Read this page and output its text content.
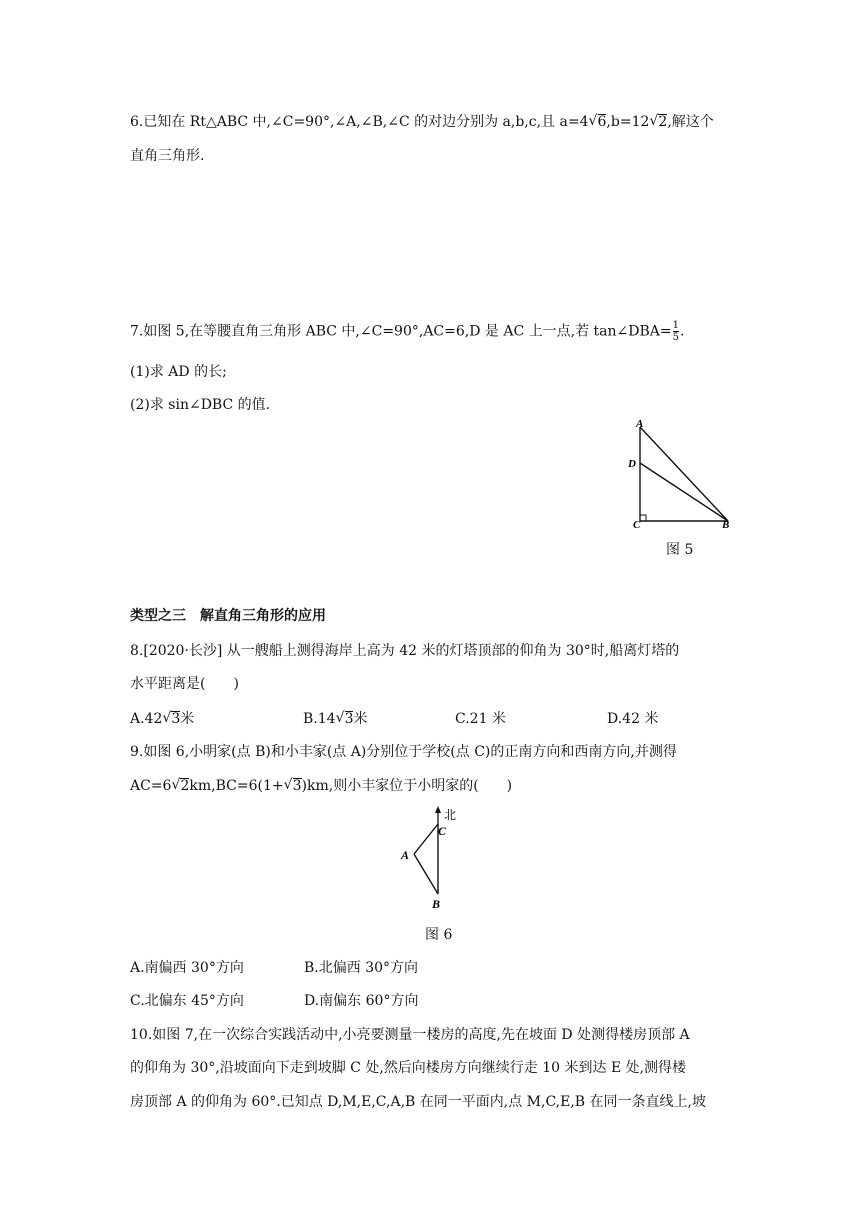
6.已知在 Rt△ABC 中,∠C=90°,∠A,∠B,∠C 的对边分别为 a,b,c,且 a=4 √ 6,b=12 √ 2,解这个
直角三角形.
7.如图 5,在等腰直角三角形 ABC 中,∠C=90°,AC=6,D 是 AC 上一点,若 tan∠DBA= $\frac{1}{5}$ .
(1)求 AD 的长;
(2)求 sin∠DBC 的值.
A
D
C	B
图 5
类型之三　解直角三角形的应用
8.[2020·长沙] 从一艘船上测得海岸上高为 42 米的灯塔顶部的仰角为 30°时,船离灯塔的
水平距离是(　　)
A.42 √ 3米	B.14 √ 3米	C.21 米	D.42 米
9.如图 6,小明家(点 B)和小丰家(点 A)分别位于学校(点 C)的正南方向和西南方向,并测得
AC=6 √ 2km,BC=6(1+ √ 3)km,则小丰家位于小明家的(　　)
北
C
A
B
图 6
A.南偏西 30°方向	B.北偏西 30°方向
C.北偏东 45°方向	D.南偏东 60°方向
10.如图 7,在一次综合实践活动中,小亮要测量一楼房的高度,先在坡面 D 处测得楼房顶部 A
的仰角为 30°,沿坡面向下走到坡脚 C 处,然后向楼房方向继续行走 10 米到达 E 处,测得楼
房顶部 A 的仰角为 60°.已知点 D,M,E,C,A,B 在同一平面内,点 M,C,E,B 在同一条直线上,坡
